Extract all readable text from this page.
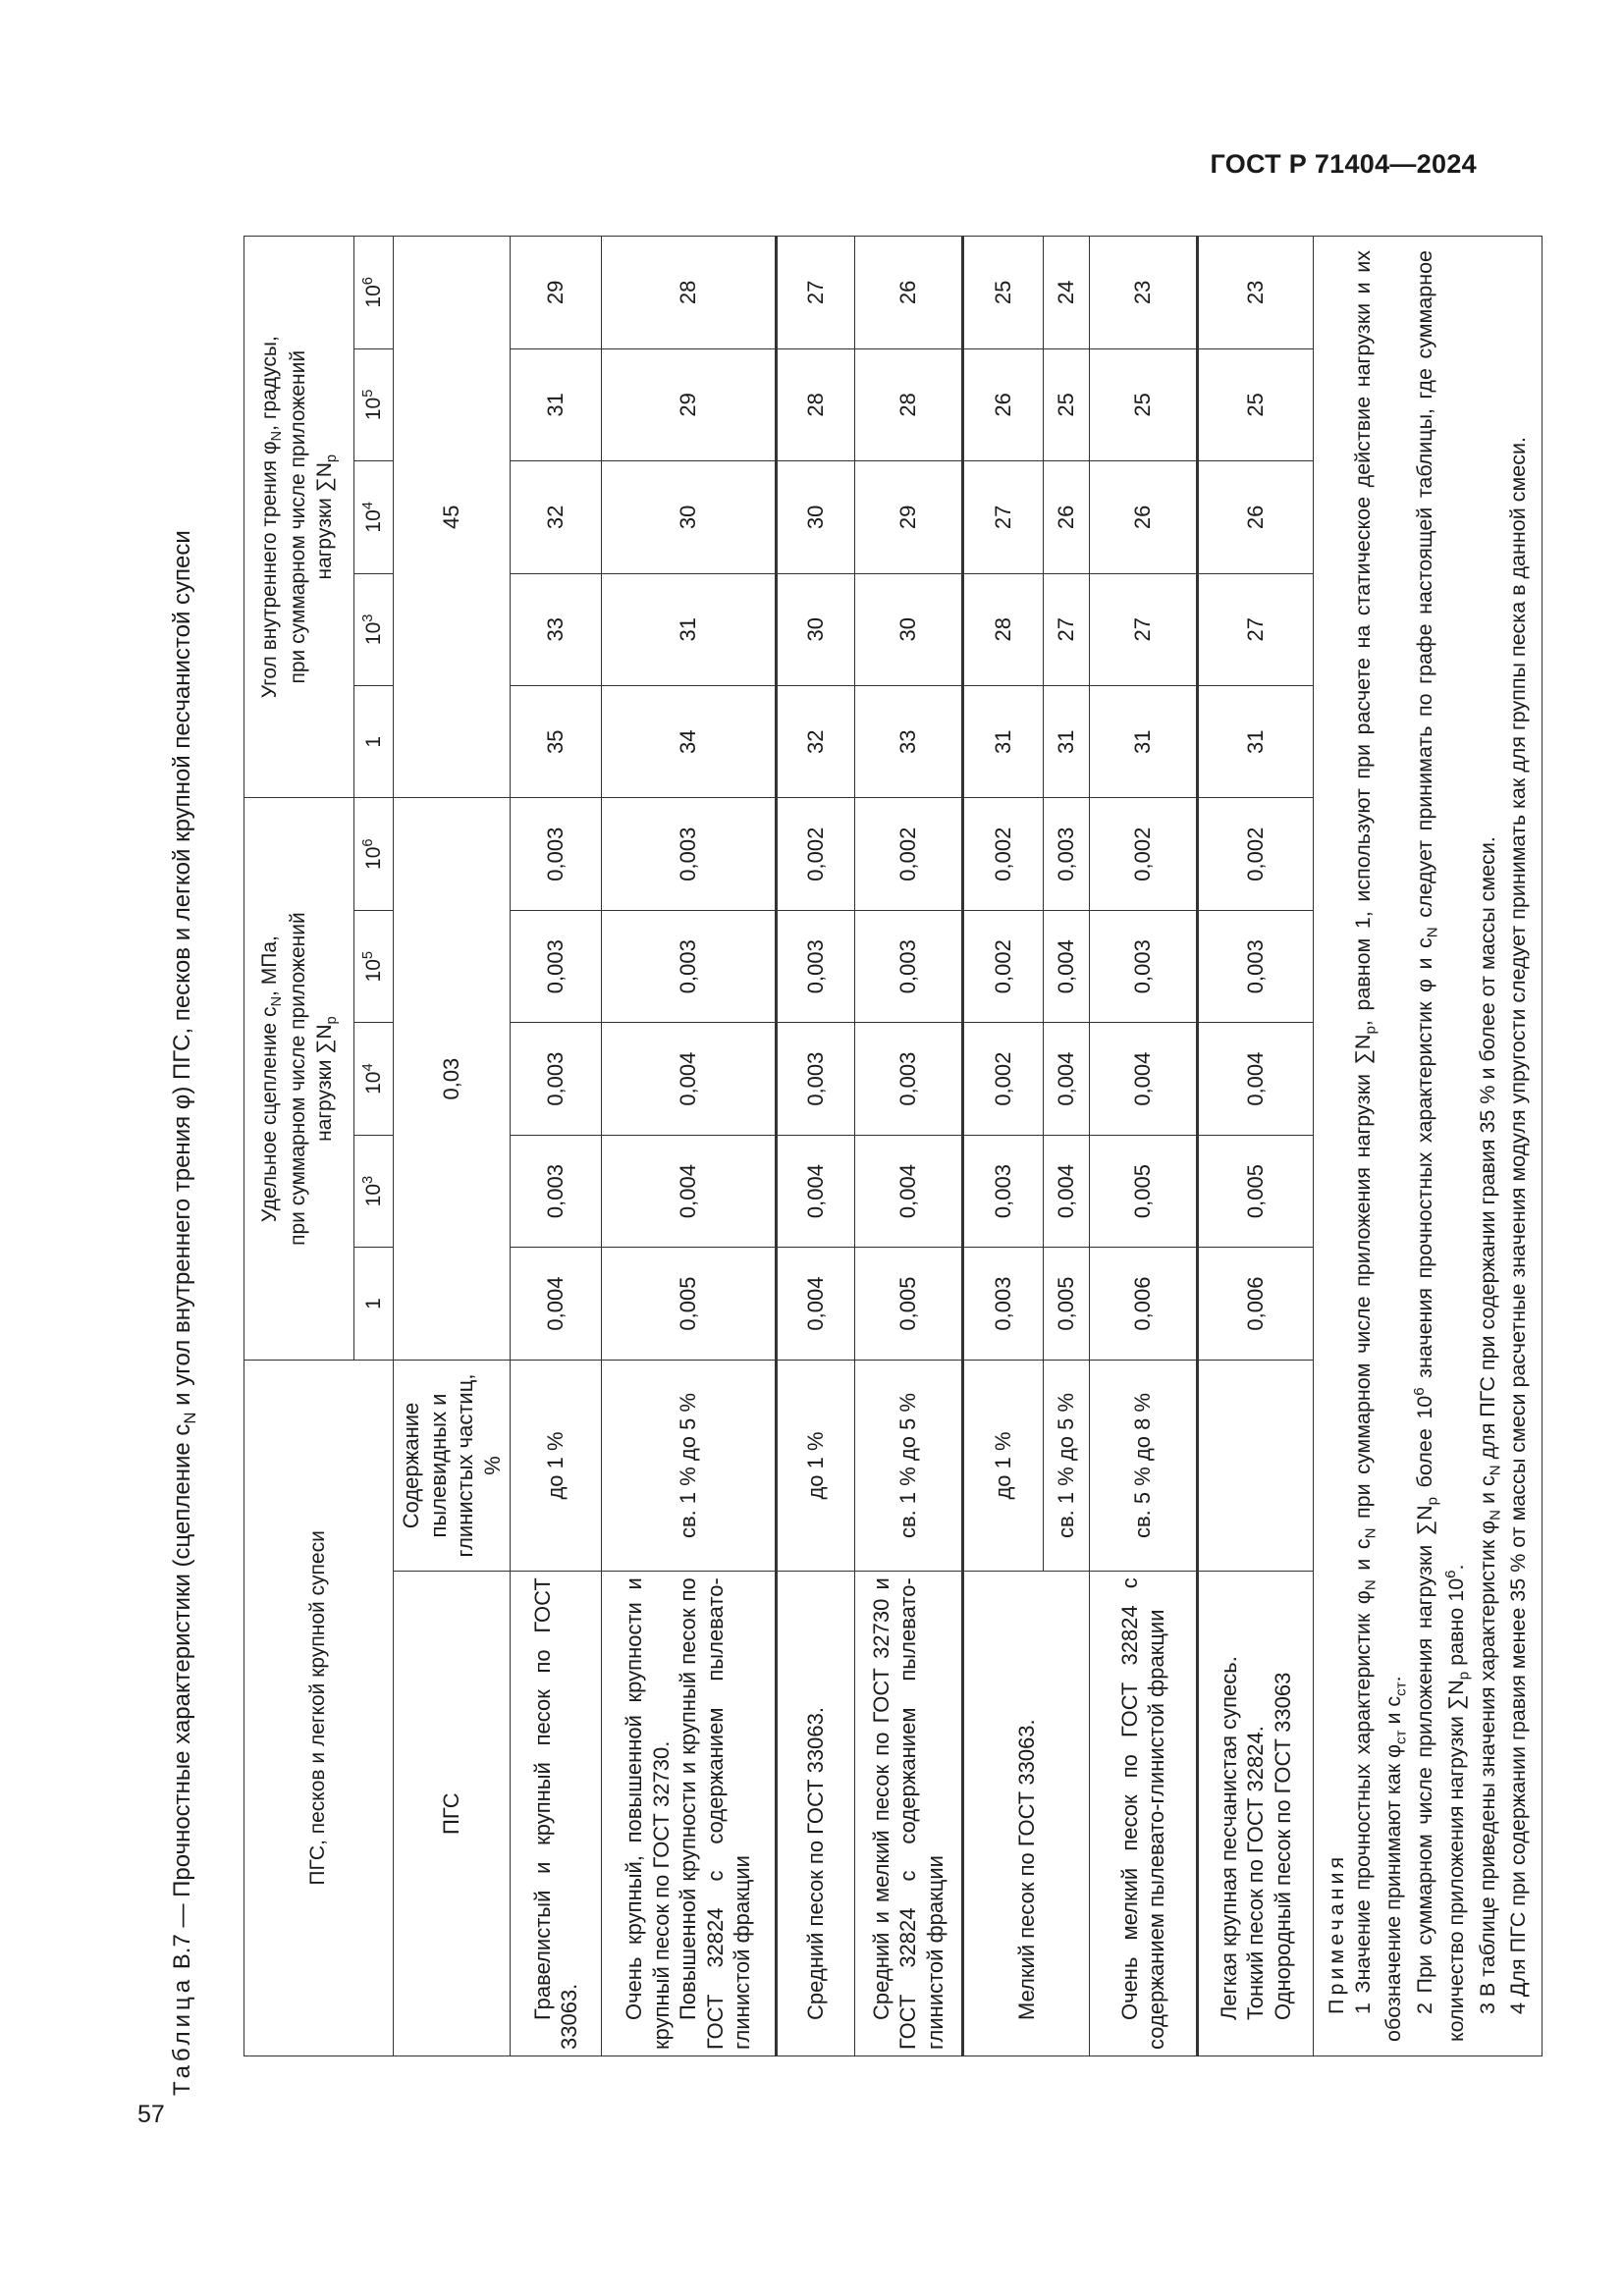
ГОСТ Р 71404—2024
57
Таблица В.7 — Прочностные характеристики (сцепление $c_N$ и угол внутреннего трения φ) ПГС, песков и легкой крупной песчанистой супеси
ПГС, песков и легкой крупной супеси		Удельное сцепление $c_N$, МПа, при суммарном числе приложений нагрузки $\sum N_р$					Угол внутреннего трения $\varphi_N$, градусы, при суммарном числе приложений нагрузки $\sum N_р$
		1	$10^3$	$10^4$	$10^5$	$10^6$	1	$10^3$	$10^4$	$10^5$	$10^6$
ПГС	Содержание пылевидных и глинистых частиц, %	0,03					45				

Гравелистый и крупный песок по ГОСТ 33063.	до 1 %	0,004	0,003	0,003	0,003	0,003	35	33	32	31	29

Очень крупный, повышенной крупности и крупный песок по ГОСТ 32730. Повышенной крупности и крупный песок по ГОСТ 32824 с содержанием пылевато-глинистой фракции	св. 1 % до 5 %	0,005	0,004	0,004	0,003	0,003	34	31	30	29	28

Средний песок по ГОСТ 33063.	до 1 %	0,004	0,004	0,003	0,003	0,002	32	30	30	28	27

Средний и мелкий песок по ГОСТ 32730 и ГОСТ 32824 с содержанием пылевато-глинистой фракции	св. 1 % до 5 %	0,005	0,004	0,003	0,003	0,002	33	30	29	28	26

Мелкий песок по ГОСТ 33063.	до 1 %	0,003	0,003	0,002	0,002	0,002	31	28	27	26	25
	св. 1 % до 5 %	0,005	0,004	0,004	0,004	0,003	31	27	26	25	24

Очень мелкий песок по ГОСТ 32824 с содержанием пылевато-глинистой фракции	св. 5 % до 8 %	0,006	0,005	0,004	0,003	0,002	31	27	26	25	23

Легкая крупная песчанистая супесь. Тонкий песок по ГОСТ 32824. Однородный песок по ГОСТ 33063		0,006	0,005	0,004	0,003	0,002	31	27	26	25	23

Примечания 1 Значение прочностных характеристик $\varphi_N$ и $c_N$ при суммарном числе приложения нагрузки $\sum N_р$, равном 1, используют при расчете на статическое действие нагрузки и их обозначение принимают как $\varphi_{ст}$ и $c_{ст}$. 2 При суммарном числе приложения нагрузки $\sum N_р$ более $10^6$ значения прочностных характеристик φ и $c_N$ следует принимать по графе настоящей таблицы, где суммарное количество приложения нагрузки $\sum N_р$ равно $10^6$. 3 В таблице приведены значения характеристик $\varphi_N$ и $c_N$ для ПГС при содержании гравия 35 % и более от массы смеси. 4 Для ПГС при содержании гравия менее 35 % от массы смеси расчетные значения модуля упругости следует принимать как для группы песка в данной смеси.											
